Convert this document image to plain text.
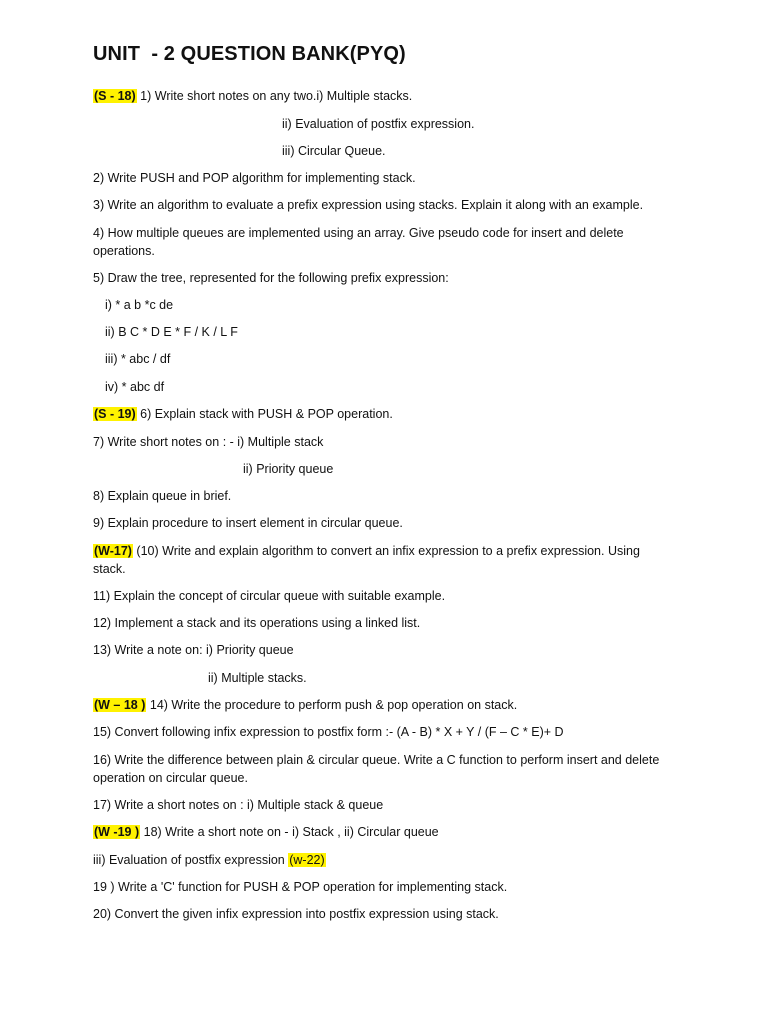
UNIT  - 2 QUESTION BANK(PYQ)
(S - 18) 1) Write short notes on any two.i) Multiple stacks.
ii) Evaluation of postfix expression.
iii) Circular Queue.
2) Write PUSH and POP algorithm for implementing stack.
3) Write an algorithm to evaluate a prefix expression using stacks. Explain it along with an example.
4) How multiple queues are implemented using an array. Give pseudo code for insert and delete operations.
5) Draw the tree, represented for the following prefix expression:
i) * a b *c de
ii) B C * D E * F / K / L F
iii) * abc / df
iv) * abc df
(S - 19) 6) Explain stack with PUSH & POP operation.
7) Write short notes on : - i) Multiple stack
ii) Priority queue
8) Explain queue in brief.
9) Explain procedure to insert element in circular queue.
(W-17) (10) Write and explain algorithm to convert an infix expression to a prefix expression. Using stack.
11) Explain the concept of circular queue with suitable example.
12) Implement a stack and its operations using a linked list.
13) Write a note on: i) Priority queue
ii) Multiple stacks.
(W – 18 ) 14) Write the procedure to perform push & pop operation on stack.
15) Convert following infix expression to postfix form :- (A - B) * X + Y / (F – C * E)+ D
16) Write the difference between plain & circular queue. Write a C function to perform insert and delete operation on circular queue.
17) Write a short notes on : i) Multiple stack & queue
(W -19 ) 18) Write a short note on - i) Stack , ii) Circular queue
iii) Evaluation of postfix expression (w-22)
19 ) Write a 'C' function for PUSH & POP operation for implementing stack.
20) Convert the given infix expression into postfix expression using stack.
